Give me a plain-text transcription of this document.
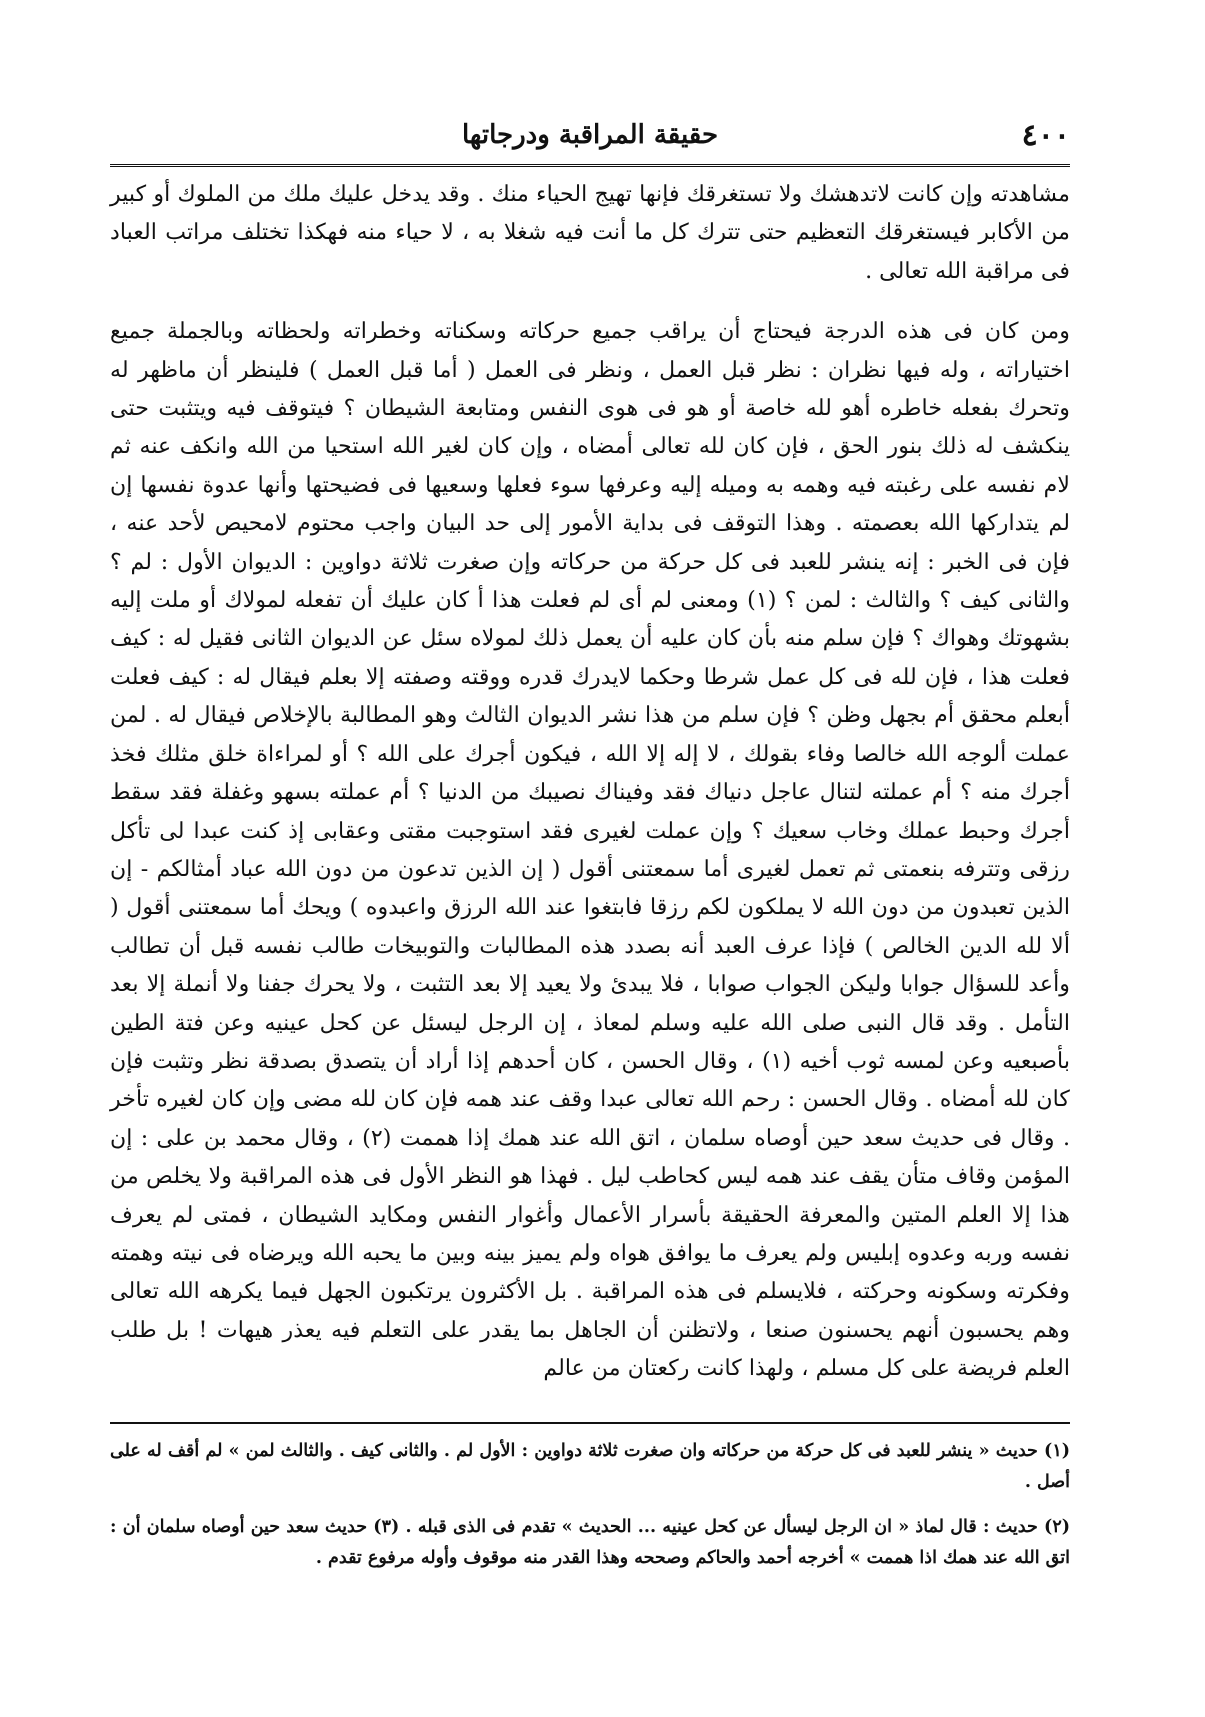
٤٠٠
حقيقة المراقبة ودرجاتها

مشاهدته وإن كانت لاتدهشك ولا تستغرقك فإنها تهيج الحياء منك . وقد يدخل عليك ملك من الملوك أو كبير من الأكابر فيستغرقك التعظيم حتى تترك كل ما أنت فيه شغلا به ، لا حياء منه فهكذا تختلف مراتب العباد فى مراقبة الله تعالى .

ومن كان فى هذه الدرجة فيحتاج أن يراقب جميع حركاته وسكناته وخطراته ولحظاته وبالجملة جميع اختياراته ، وله فيها نظران : نظر قبل العمل ، ونظر فى العمل ( أما قبل العمل ) فلينظر أن ماظهر له وتحرك بفعله خاطره أهو لله خاصة أو هو فى هوى النفس ومتابعة الشيطان ؟ فيتوقف فيه ويتثبت حتى ينكشف له ذلك بنور الحق ، فإن كان لله تعالى أمضاه ، وإن كان لغير الله استحيا من الله وانكف عنه ثم لام نفسه على رغبته فيه وهمه به وميله إليه وعرفها سوء فعلها وسعيها فى فضيحتها وأنها عدوة نفسها إن لم يتداركها الله بعصمته . وهذا التوقف فى بداية الأمور إلى حد البيان واجب محتوم لامحيص لأحد عنه ، فإن فى الخبر : إنه ينشر للعبد فى كل حركة من حركاته وإن صغرت ثلاثة دواوين : الديوان الأول : لم ؟ والثانى كيف ؟ والثالث : لمن ؟ (١) ومعنى لم أى لم فعلت هذا أ كان عليك أن تفعله لمولاك أو ملت إليه بشهوتك وهواك ؟ فإن سلم منه بأن كان عليه أن يعمل ذلك لمولاه سئل عن الديوان الثانى فقيل له : كيف فعلت هذا ، فإن لله فى كل عمل شرطا وحكما لايدرك قدره ووقته وصفته إلا بعلم فيقال له : كيف فعلت أبعلم محقق أم بجهل وظن ؟ فإن سلم من هذا نشر الديوان الثالث وهو المطالبة بالإخلاص فيقال له . لمن عملت ألوجه الله خالصا وفاء بقولك ، لا إله إلا الله ، فيكون أجرك على الله ؟ أو لمراءاة خلق مثلك فخذ أجرك منه ؟ أم عملته لتنال عاجل دنياك فقد وفيناك نصيبك من الدنيا ؟ أم عملته بسهو وغفلة فقد سقط أجرك وحبط عملك وخاب سعيك ؟ وإن عملت لغيرى فقد استوجبت مقتى وعقابى إذ كنت عبدا لى تأكل رزقى وتترفه بنعمتى ثم تعمل لغيرى أما سمعتنى أقول ( إن الذين تدعون من دون الله عباد أمثالكم - إن الذين تعبدون من دون الله لا يملكون لكم رزقا فابتغوا عند الله الرزق واعبدوه ) ويحك أما سمعتنى أقول ( ألا لله الدين الخالص ) فإذا عرف العبد أنه بصدد هذه المطالبات والتوبيخات طالب نفسه قبل أن تطالب وأعد للسؤال جوابا وليكن الجواب صوابا ، فلا يبدئ ولا يعيد إلا بعد التثبت ، ولا يحرك جفنا ولا أنملة إلا بعد التأمل . وقد قال النبى صلى الله عليه وسلم لمعاذ ، إن الرجل ليسئل عن كحل عينيه وعن فتة الطين بأصبعيه وعن لمسه ثوب أخيه (١) ، وقال الحسن ، كان أحدهم إذا أراد أن يتصدق بصدقة نظر وتثبت فإن كان لله أمضاه . وقال الحسن : رحم الله تعالى عبدا وقف عند همه فإن كان لله مضى وإن كان لغيره تأخر . وقال فى حديث سعد حين أوصاه سلمان ، اتق الله عند همك إذا هممت (٢) ، وقال محمد بن على : إن المؤمن وقاف متأن يقف عند همه ليس كحاطب ليل . فهذا هو النظر الأول فى هذه المراقبة ولا يخلص من هذا إلا العلم المتين والمعرفة الحقيقة بأسرار الأعمال وأغوار النفس ومكايد الشيطان ، فمتى لم يعرف نفسه وربه وعدوه إبليس ولم يعرف ما يوافق هواه ولم يميز بينه وبين ما يحبه الله ويرضاه فى نيته وهمته وفكرته وسكونه وحركته ، فلايسلم فى هذه المراقبة . بل الأكثرون يرتكبون الجهل فيما يكرهه الله تعالى وهم يحسبون أنهم يحسنون صنعا ، ولاتظنن أن الجاهل بما يقدر على التعلم فيه يعذر هيهات ! بل طلب العلم فريضة على كل مسلم ، ولهذا كانت ركعتان من عالم

(١) حديث « ينشر للعبد فى كل حركة من حركاته وان صغرت ثلاثة دواوين : الأول لم . والثانى كيف . والثالث لمن » لم أقف له على أصل .

(٢) حديث : قال لماذ « ان الرجل ليسأل عن كحل عينيه ... الحديث » تقدم فى الذى قبله . (٣) حديث سعد حين أوصاه سلمان أن : اتق الله عند همك اذا هممت » أخرجه أحمد والحاكم وصححه وهذا القدر منه موقوف وأوله مرفوع تقدم .
